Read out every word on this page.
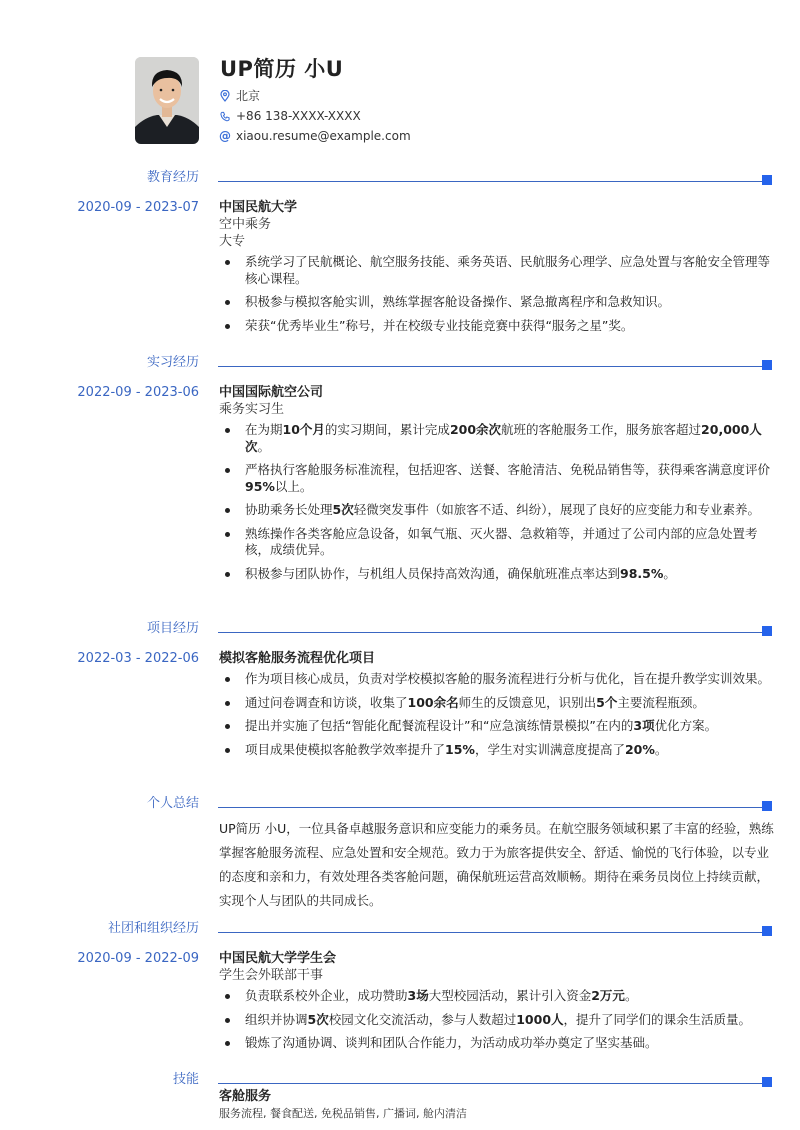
UP简历 小U
北京
+86 138-XXXX-XXXX
@ xiaou.resume@example.com
教育经历
2020-09 - 2023-07 中国民航大学
空中乘务
大专
系统学习了民航概论、航空服务技能、乘务英语、民航服务心理学、应急处置与客舱安全管理等核心课程。
积极参与模拟客舱实训，熟练掌握客舱设备操作、紧急撤离程序和急救知识。
荣获“优秀毕业生”称号，并在校级专业技能竞赛中获得“服务之星”奖。
实习经历
2022-09 - 2023-06 中国国际航空公司
乘务实习生
在为期10个月的实习期间，累计完成200余次航班的客舱服务工作，服务旅客超过20,000人次。
严格执行客舱服务标准流程，包括迎客、送餐、客舱清洁、免税品销售等，获得乘客满意度评价95%以上。
协助乘务长处理5次轻微突发事件（如旅客不适、纠纷），展现了良好的应变能力和专业素养。
熟练操作各类客舱应急设备，如氧气瓶、灭火器、急救箱等，并通过了公司内部的应急处置考核，成绩优异。
积极参与团队协作，与机组人员保持高效沟通，确保航班准点率达到98.5%。
项目经历
2022-03 - 2022-06 模拟客舱服务流程优化项目
作为项目核心成员，负责对学校模拟客舱的服务流程进行分析与优化，旨在提升教学实训效果。
通过问卷调查和访谈，收集了100余名师生的反馈意见，识别出5个主要流程瓶颈。
提出并实施了包括“智能化配餐流程设计”和“应急演练情景模拟”在内的3项优化方案。
项目成果使模拟客舱教学效率提升了15%，学生对实训满意度提高了20%。
个人总结
UP简历 小U，一位具备卓越服务意识和应变能力的乘务员。在航空服务领域积累了丰富的经验，熟练掌握客舱服务流程、应急处置和安全规范。致力于为旅客提供安全、舒适、愉悦的飞行体验，以专业的态度和亲和力，有效处理各类客舱问题，确保航班运营高效顺畅。期待在乘务员岗位上持续贡献，实现个人与团队的共同成长。
社团和组织经历
2020-09 - 2022-09 中国民航大学学生会
学生会外联部干事
负责联系校外企业，成功赞助3场大型校园活动，累计引入资金2万元。
组织并协调5次校园文化交流活动，参与人数超过1000人，提升了同学们的课余生活质量。
锻炼了沟通协调、谈判和团队合作能力，为活动成功举办奠定了坚实基础。
技能
客舱服务
服务流程, 餐食配送, 免税品销售, 广播词, 舱内清洁
